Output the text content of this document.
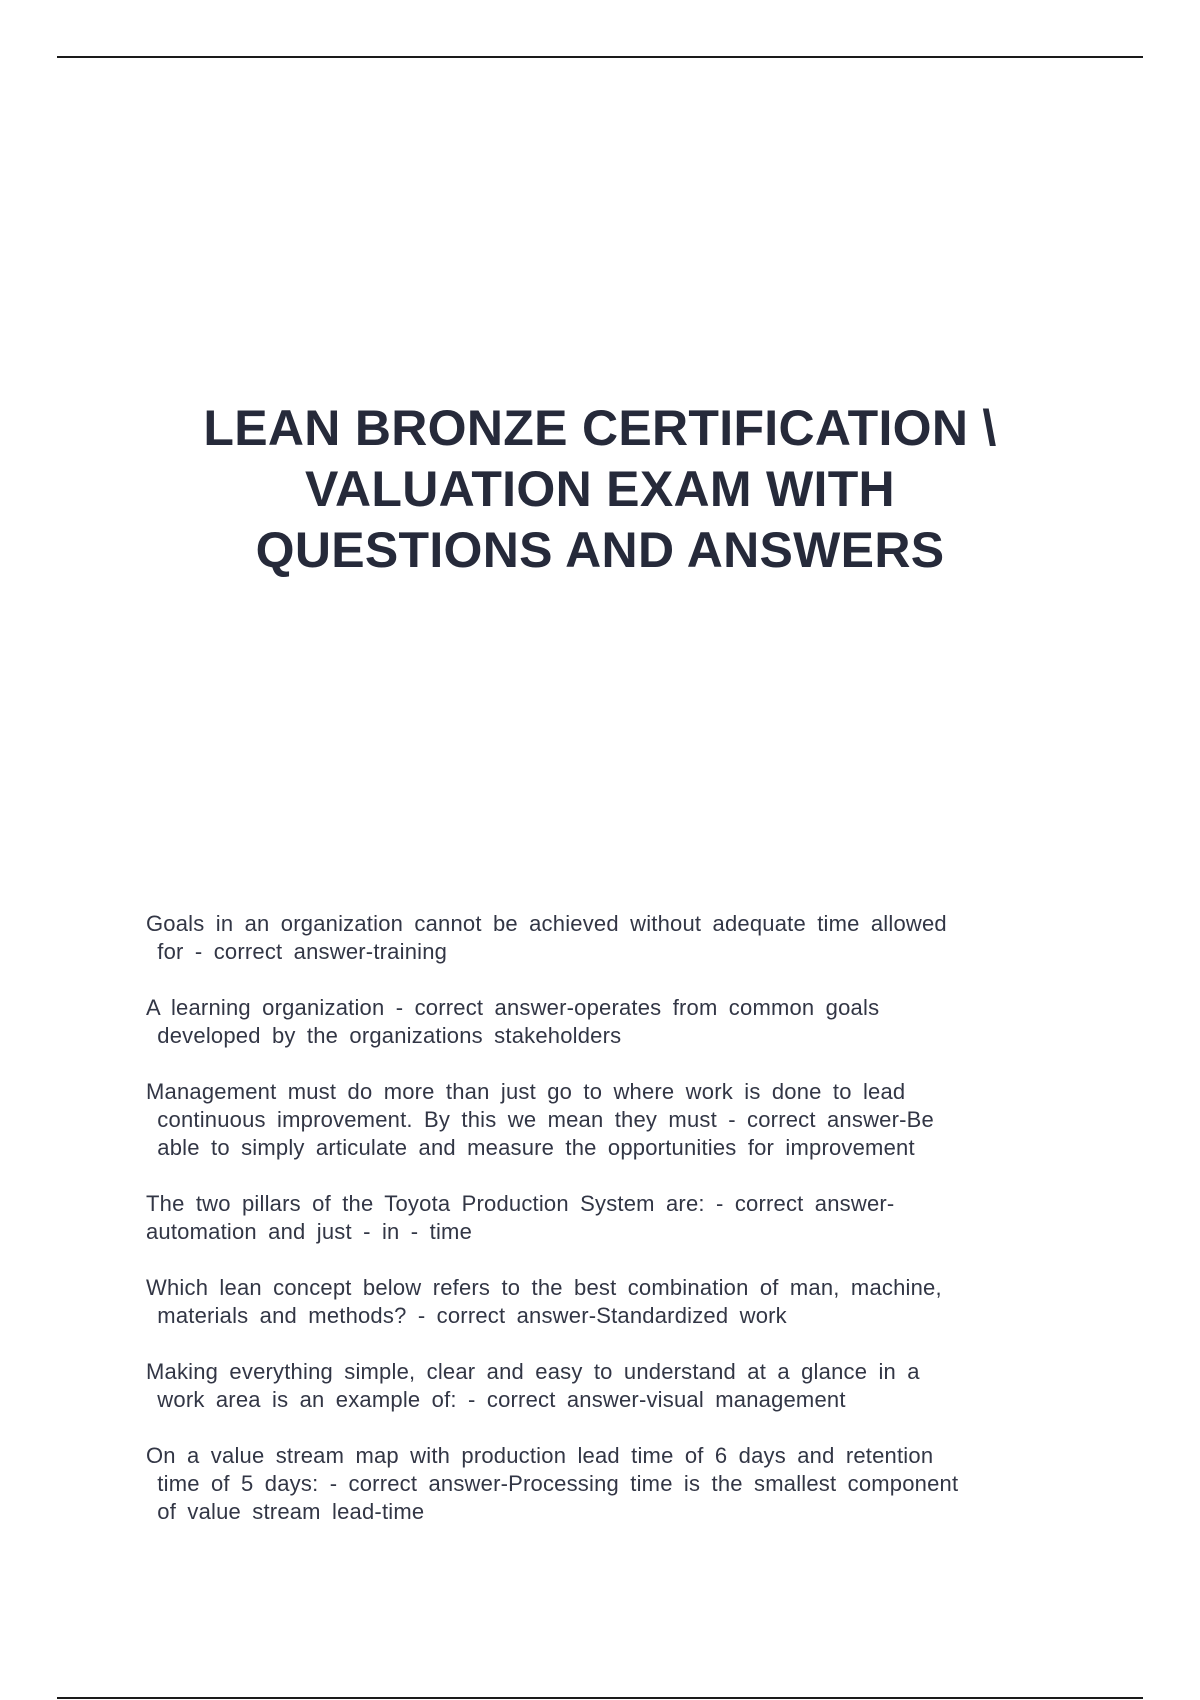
LEAN BRONZE CERTIFICATION \
VALUATION EXAM WITH
QUESTIONS AND ANSWERS
Goals in an organization cannot be achieved without adequate time allowed
for - correct answer-training
A learning organization - correct answer-operates from common goals
developed by the organizations stakeholders
Management must do more than just go to where work is done to lead
continuous improvement. By this we mean they must - correct answer-Be
able to simply articulate and measure the opportunities for improvement
The two pillars of the Toyota Production System are: - correct answer-
automation and just - in - time
Which lean concept below refers to the best combination of man, machine,
materials and methods? - correct answer-Standardized work
Making everything simple, clear and easy to understand at a glance in a
work area is an example of: - correct answer-visual management
On a value stream map with production lead time of 6 days and retention
time of 5 days: - correct answer-Processing time is the smallest component
of value stream lead-time
